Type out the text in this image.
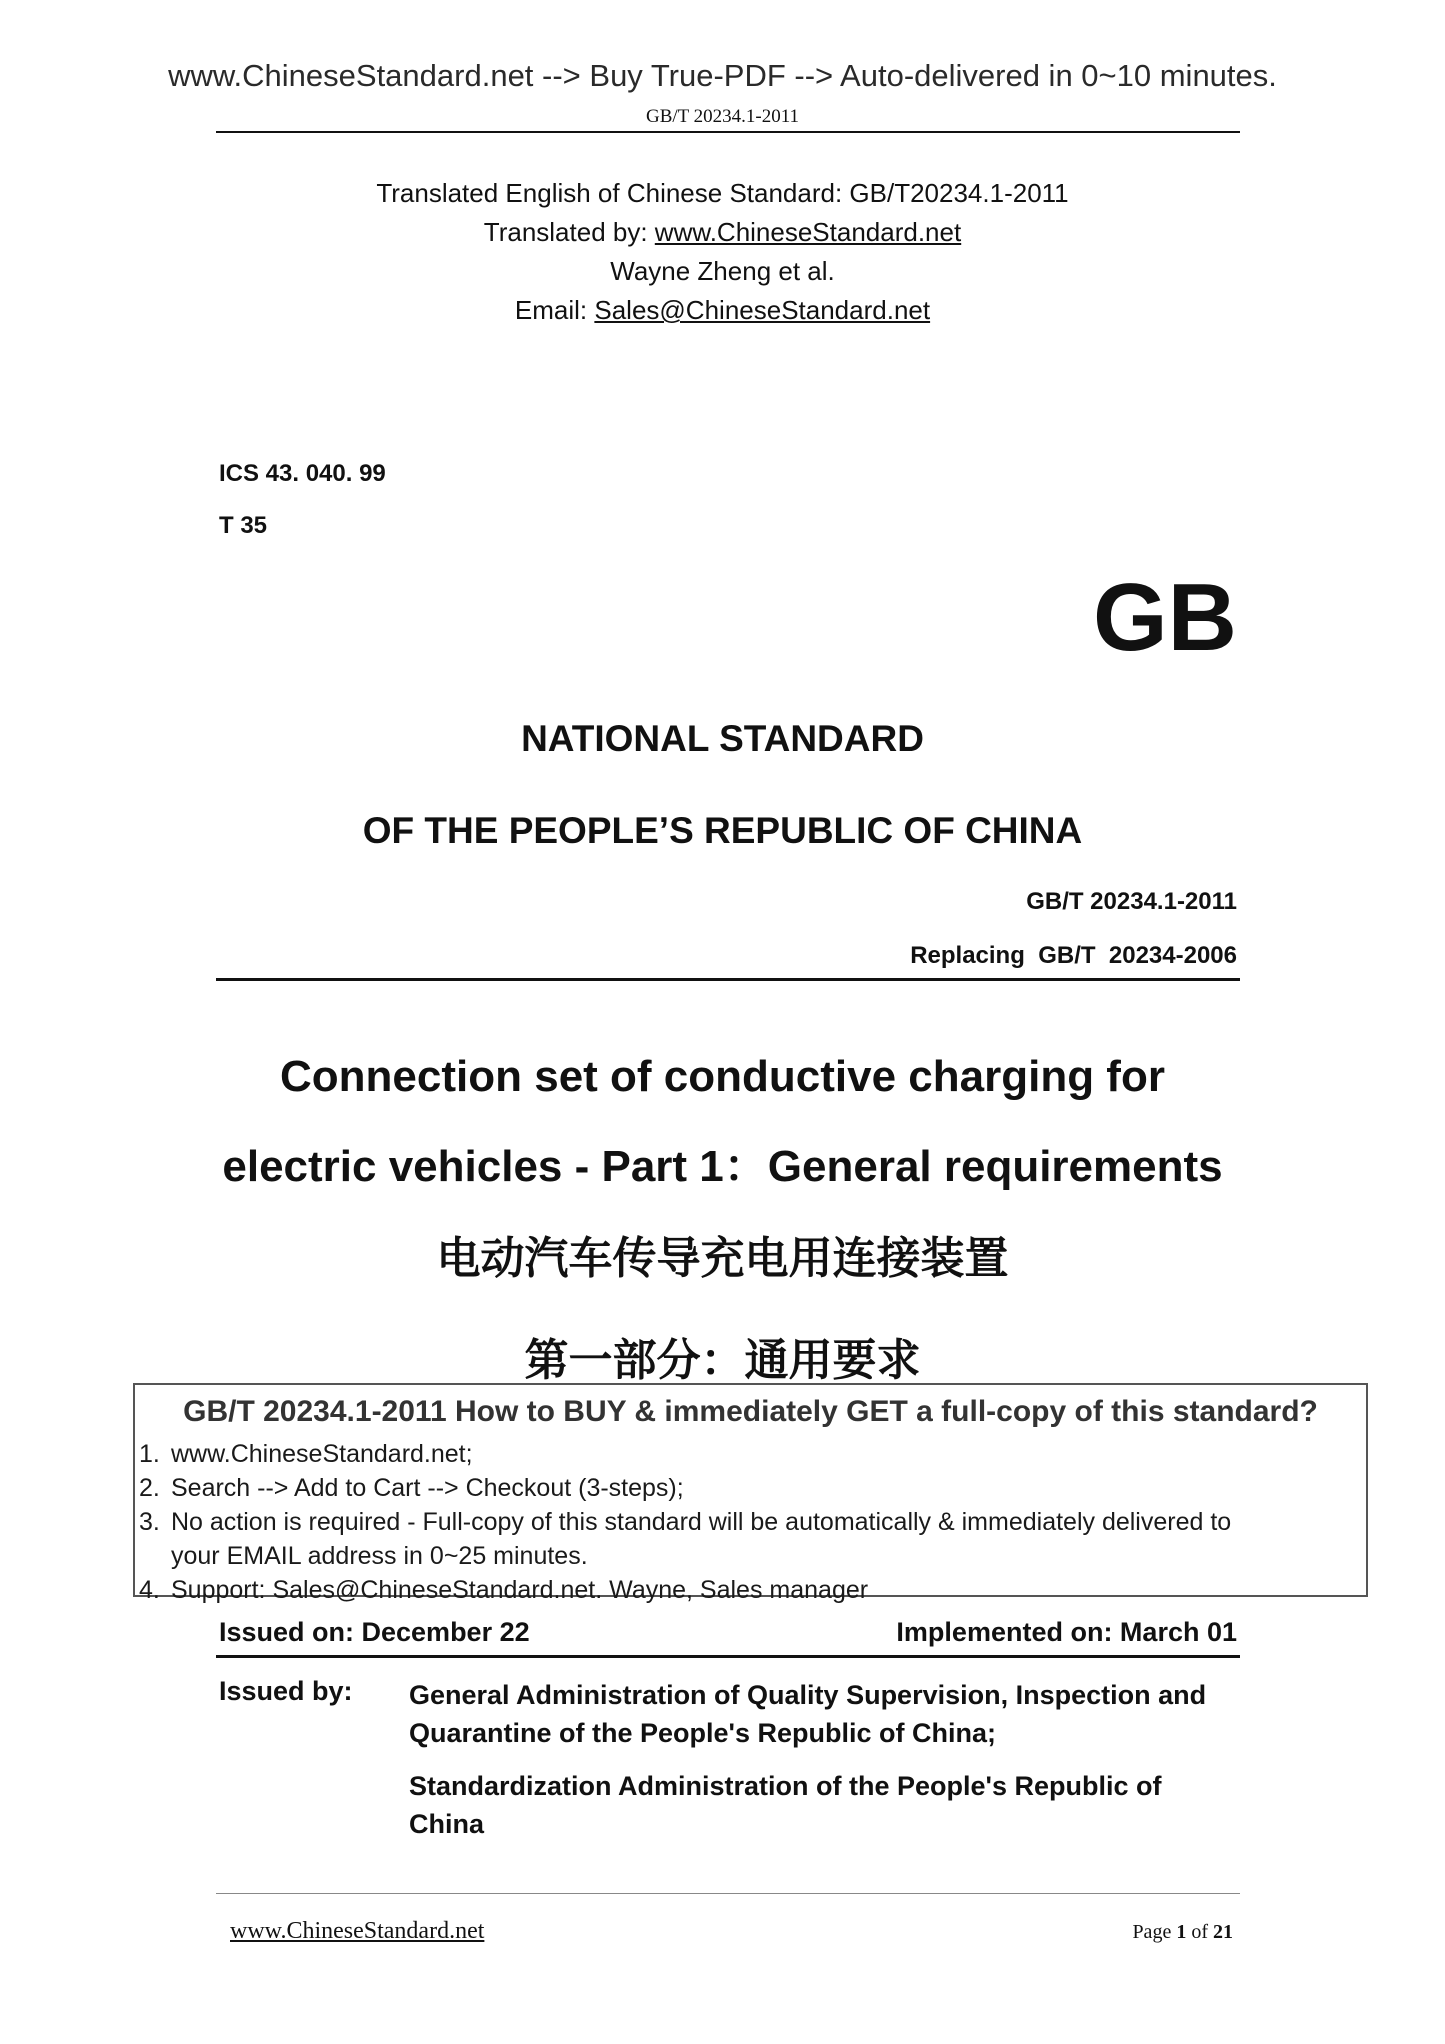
www.ChineseStandard.net --> Buy True-PDF --> Auto-delivered in 0~10 minutes.
GB/T 20234.1-2011
Translated English of Chinese Standard: GB/T20234.1-2011
Translated by: www.ChineseStandard.net
Wayne Zheng et al.
Email: Sales@ChineseStandard.net
ICS 43. 040. 99
T 35
GB
NATIONAL STANDARD
OF THE PEOPLE’S REPUBLIC OF CHINA
GB/T 20234.1-2011
Replacing  GB/T  20234-2006
Connection set of conductive charging for
electric vehicles - Part 1：General requirements
电动汽车传导充电用连接装置
第一部分：通用要求
GB/T 20234.1-2011 How to BUY & immediately GET a full-copy of this standard?
1. www.ChineseStandard.net;
2. Search --> Add to Cart --> Checkout (3-steps);
3. No action is required - Full-copy of this standard will be automatically & immediately delivered to
your EMAIL address in 0~25 minutes.
4. Support: Sales@ChineseStandard.net. Wayne, Sales manager
Issued on: December 22	Implemented on: March 01
Issued by: General Administration of Quality Supervision, Inspection and Quarantine of the People's Republic of China;
Standardization Administration of the People's Republic of China
www.ChineseStandard.net	Page 1 of 21
